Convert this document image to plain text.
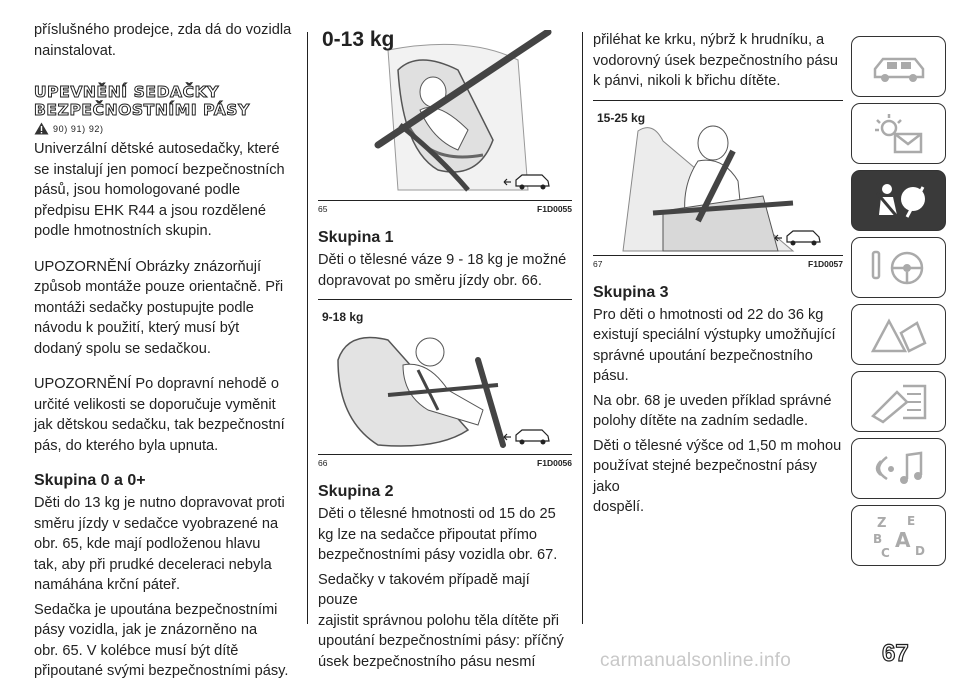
příslušného prodejce, zda dá do vozidla

nainstalovat.

UPEVNĚNÍ SEDAČKY
BEZPEČNOSTNÍMI PÁSY
90) 91) 92)

Univerzální dětské autosedačky, které

se instalují jen pomocí bezpečnostních

pásů, jsou homologované podle

předpisu EHK R44 a jsou rozdělené

podle hmotnostních skupin.

UPOZORNĚNÍ Obrázky znázorňují

způsob montáže pouze orientačně. Při

montáži sedačky postupujte podle

návodu k použití, který musí být

dodaný spolu se sedačkou.

UPOZORNĚNÍ Po dopravní nehodě o

určité velikosti se doporučuje vyměnit

jak dětskou sedačku, tak bezpečnostní

pás, do kterého byla upnuta.

Skupina 0 a 0+

Děti do 13 kg je nutno dopravovat proti

směru jízdy v sedačce vyobrazené na

obr. 65, kde mají podloženou hlavu

tak, aby při prudké deceleraci nebyla

namáhána krční páteř.

Sedačka je upoutána bezpečnostními

pásy vozidla, jak je znázorněno na

obr. 65. V kolébce musí být dítě

připoutané svými bezpečnostními pásy.

0-13 kg
65	F1D0055
Skupina 1

Děti o tělesné váze 9 - 18 kg je možné

dopravovat po směru jízdy obr. 66.

9-18 kg
66	F1D0056
Skupina 2

Děti o tělesné hmotnosti od 15 do 25

kg lze na sedačce připoutat přímo

bezpečnostními pásy vozidla obr. 67.

Sedačky v takovém případě mají pouze

zajistit správnou polohu těla dítěte při

upoutání bezpečnostními pásy: příčný

úsek bezpečnostního pásu nesmí

přiléhat ke krku, nýbrž k hrudníku, a

vodorovný úsek bezpečnostního pásu

k pánvi, nikoli k břichu dítěte.

15-25 kg
67	F1D0057
Skupina 3

Pro děti o hmotnosti od 22 do 36 kg

existují speciální výstupky umožňující

správné upoutání bezpečnostního

pásu.

Na obr. 68 je uveden příklad správné

polohy dítěte na zadním sedadle.

Děti o tělesné výšce od 1,50 m mohou

používat stejné bezpečnostní pásy jako

dospělí.

Z E
B A
C D
67
carmanualsonline.info
